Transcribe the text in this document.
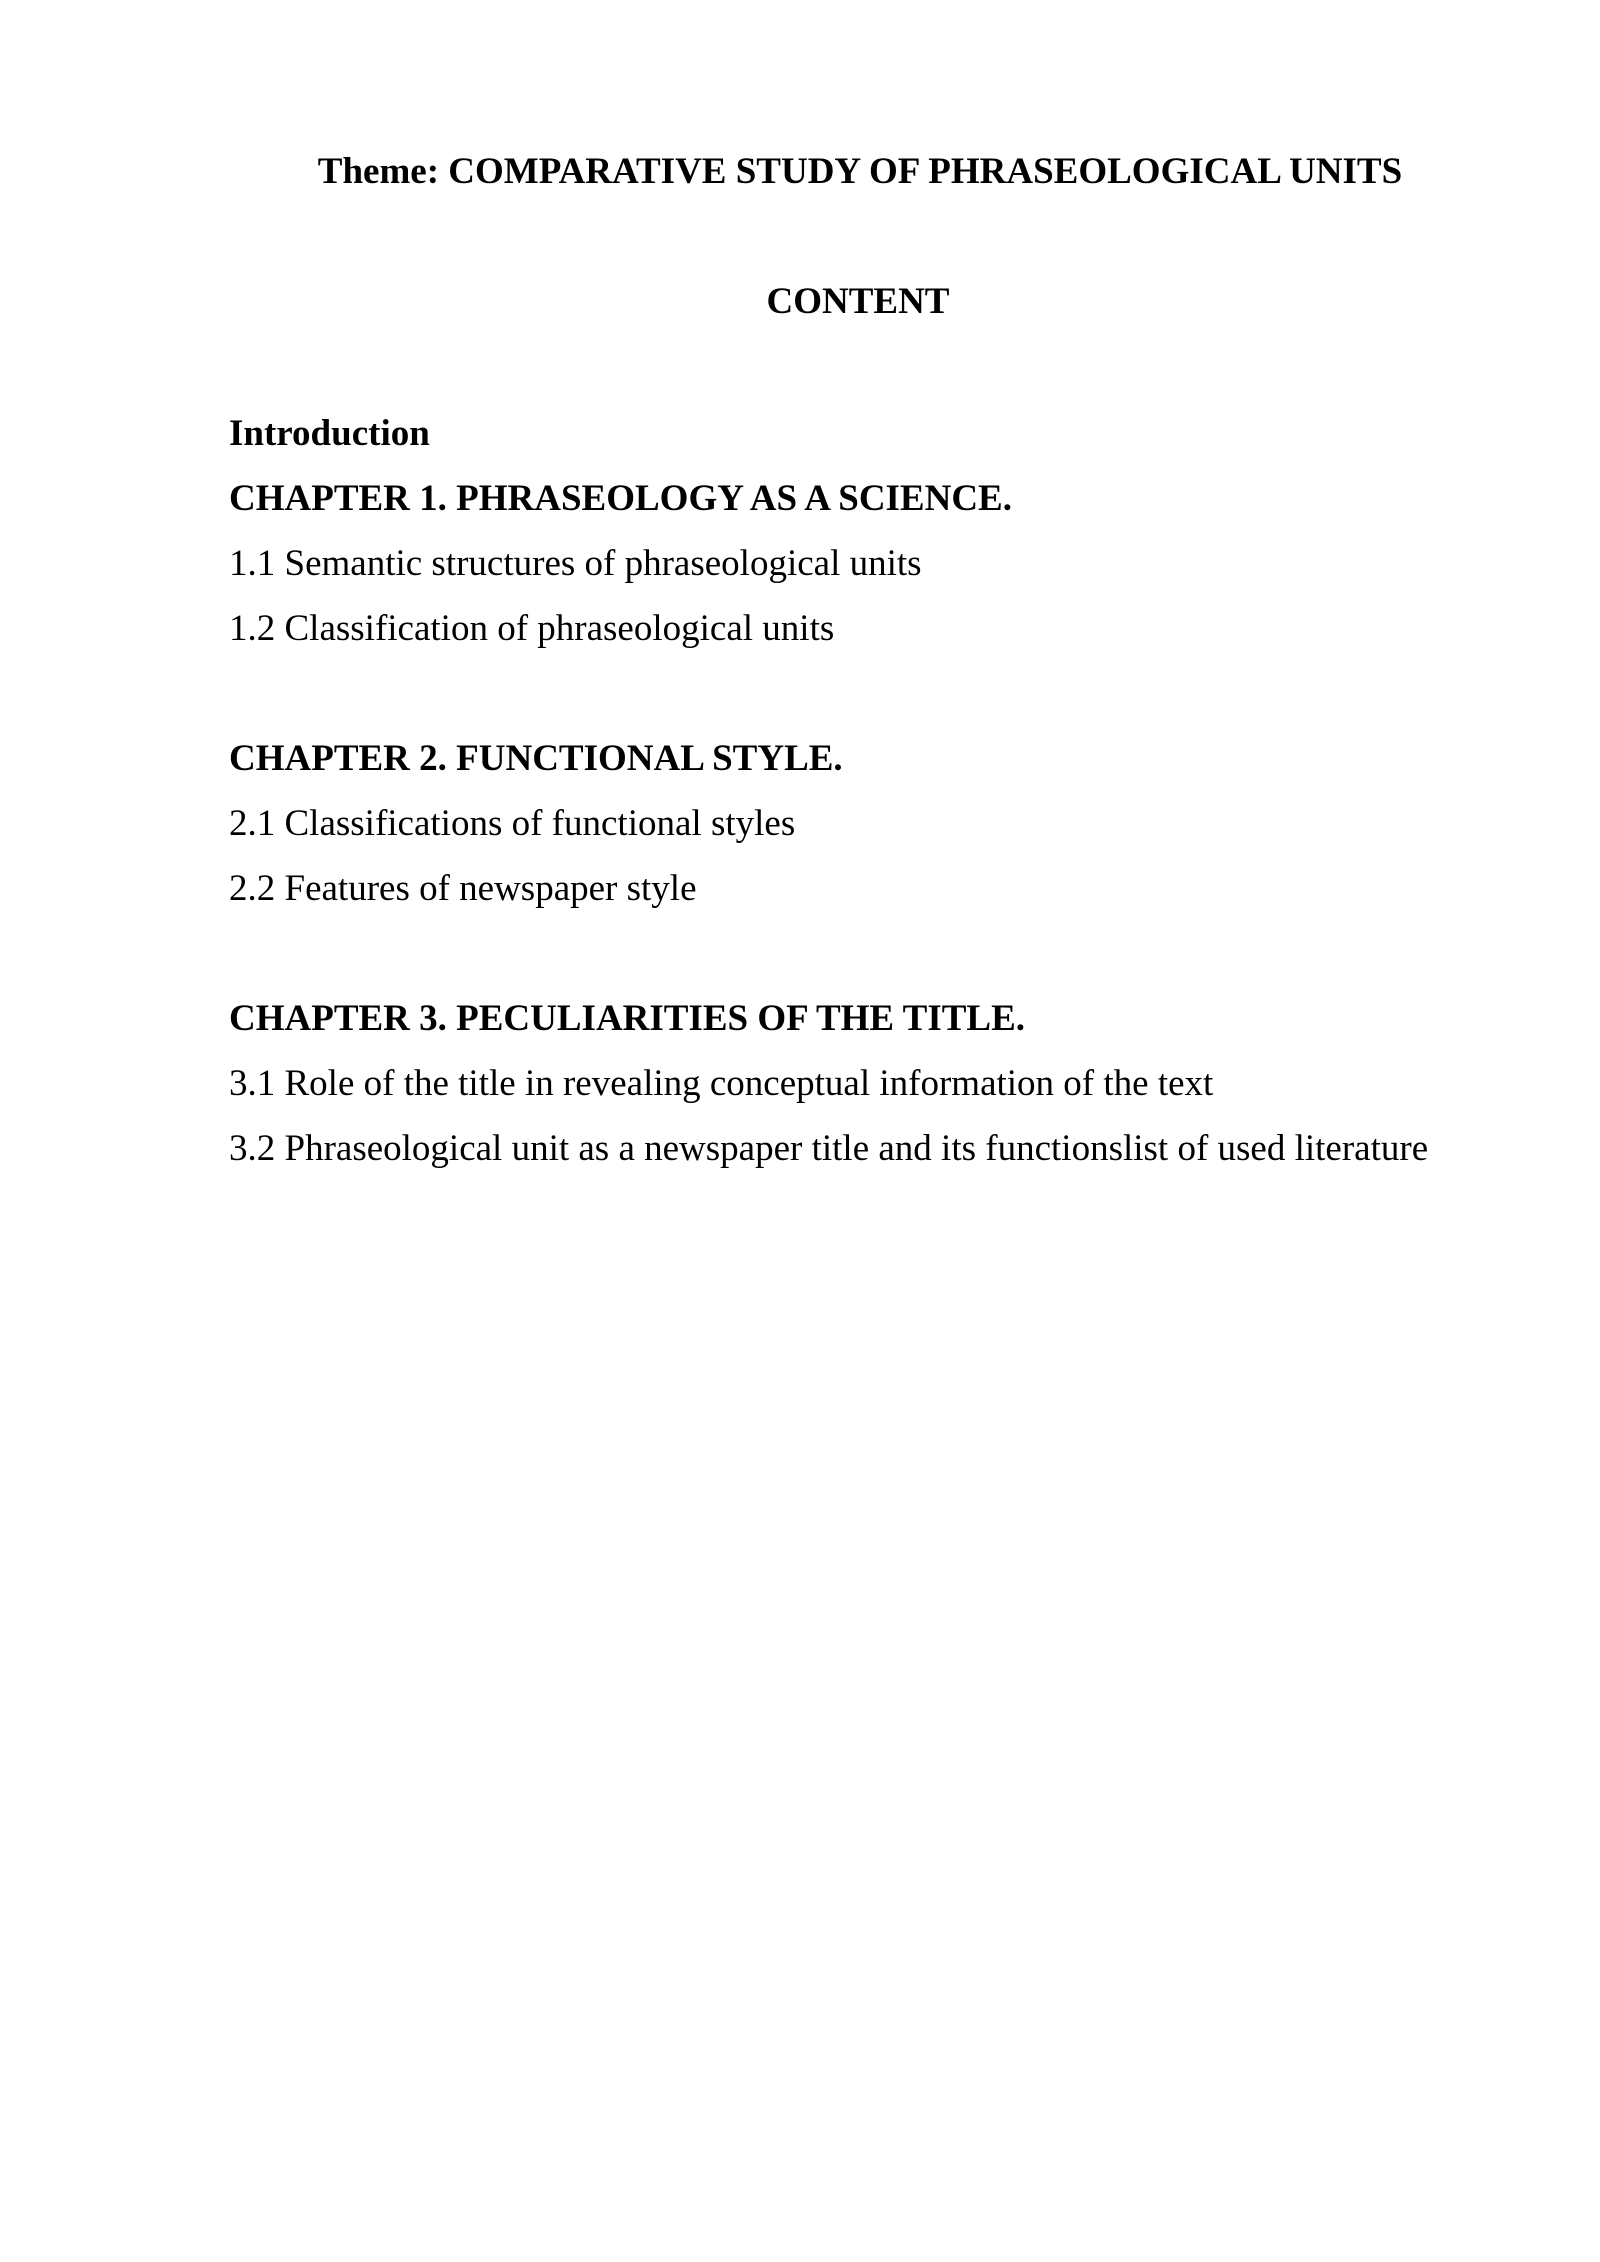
Theme: COMPARATIVE STUDY OF PHRASEOLOGICAL UNITS
CONTENT
Introduction
CHAPTER 1. PHRASEOLOGY AS A SCIENCE.
1.1 Semantic structures of phraseological units
1.2 Classification of phraseological units
CHAPTER 2. FUNCTIONAL STYLE.
2.1 Classifications of functional styles
2.2 Features of newspaper style
CHAPTER 3. PECULIARITIES OF THE TITLE.
3.1 Role of the title in revealing conceptual information of the text
3.2 Phraseological unit as a newspaper title and its functionslist of used literature
